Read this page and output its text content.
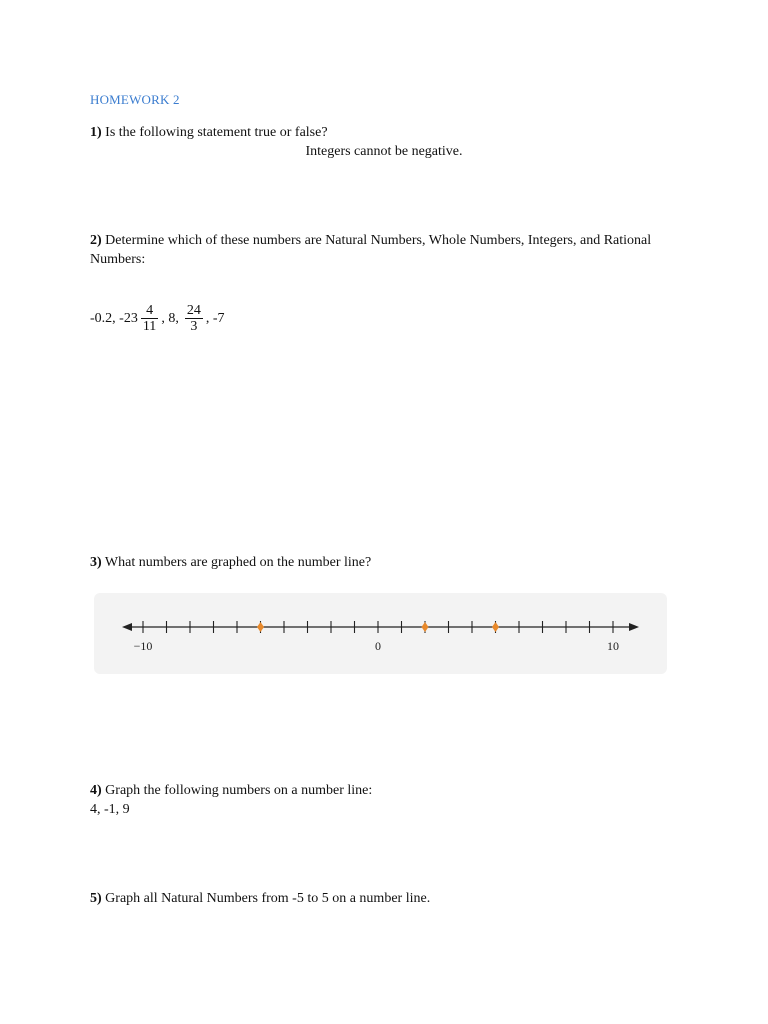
HOMEWORK 2
1) Is the following statement true or false?
Integers cannot be negative.
2) Determine which of these numbers are Natural Numbers, Whole Numbers, Integers, and Rational Numbers:
-0.2, $-23 \frac{4}{11}$ , 8, $\frac{24}{3}$ , -7
3) What numbers are graphed on the number line?
−10	0	10
4) Graph the following numbers on a number line:
4, -1, 9
5) Graph all Natural Numbers from -5 to 5 on a number line.
